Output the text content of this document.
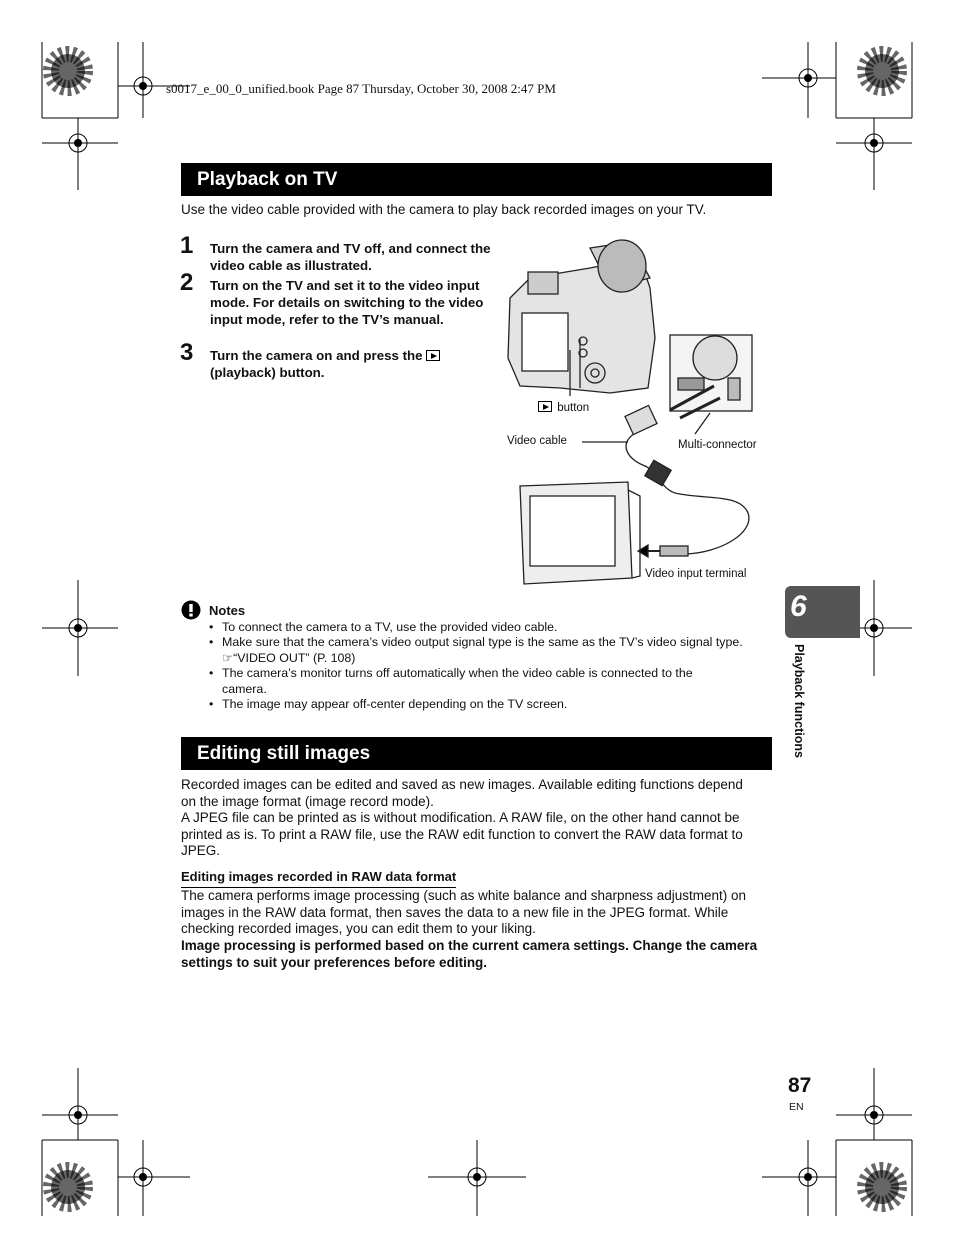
s0017_e_00_0_unified.book Page 87 Thursday, October 30, 2008 2:47 PM
Playback on TV
Use the video cable provided with the camera to play back recorded images on your TV.
1 Turn the camera and TV off, and connect the video cable as illustrated.
2 Turn on the TV and set it to the video input mode. For details on switching to the video input mode, refer to the TV’s manual.
3 Turn the camera on and press the
(playback) button.
button
Video cable	Multi-connector
Video input terminal
Notes
• To connect the camera to a TV, use the provided video cable.
• Make sure that the camera’s video output signal type is the same as the TV’s video signal type. ☞“VIDEO OUT” (P. 108)
• The camera’s monitor turns off automatically when the video cable is connected to the camera.
• The image may appear off-center depending on the TV screen.
Editing still images
Recorded images can be edited and saved as new images. Available editing functions depend on the image format (image record mode).
A JPEG file can be printed as is without modification. A RAW file, on the other hand cannot be printed as is. To print a RAW file, use the RAW edit function to convert the RAW data format to JPEG.
Editing images recorded in RAW data format
The camera performs image processing (such as white balance and sharpness adjustment) on images in the RAW data format, then saves the data to a new file in the JPEG format. While checking recorded images, you can edit them to your liking.
Image processing is performed based on the current camera settings. Change the camera settings to suit your preferences before editing.
6
Playback functions
87
EN
